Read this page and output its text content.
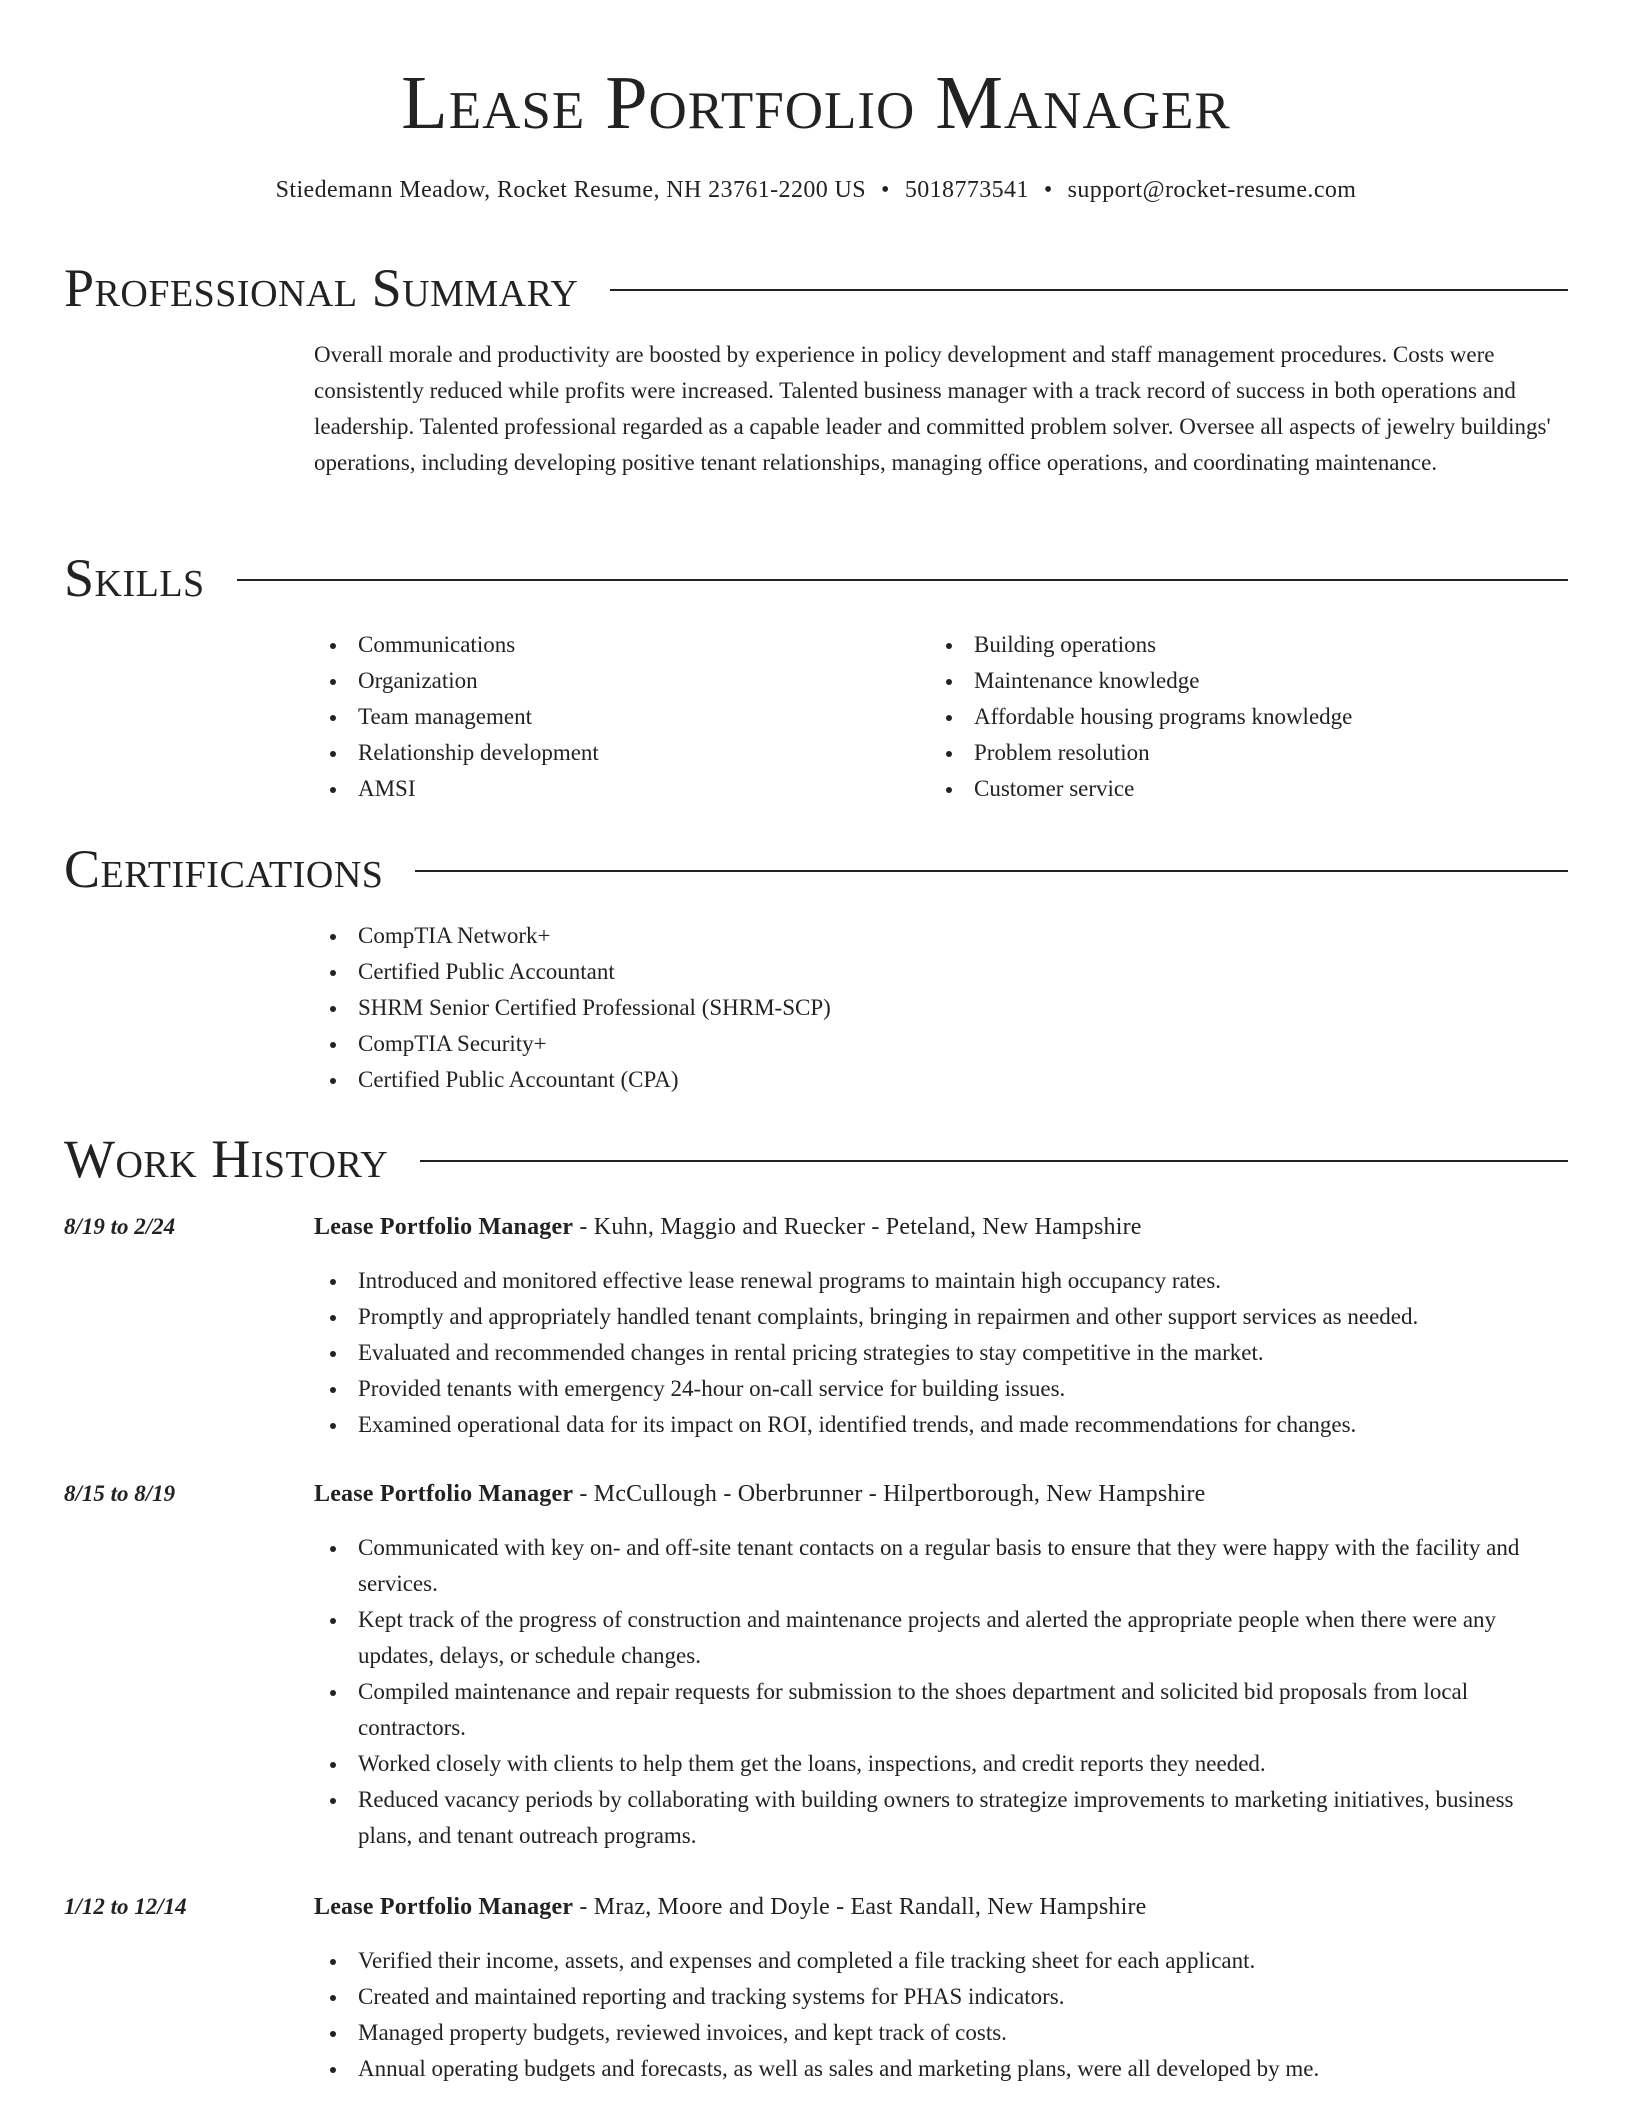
Lease Portfolio Manager
Stiedemann Meadow, Rocket Resume, NH 23761-2200 US • 5018773541 • support@rocket-resume.com
Professional Summary

Overall morale and productivity are boosted by experience in policy development and staff management procedures. Costs were consistently reduced while profits were increased. Talented business manager with a track record of success in both operations and leadership. Talented professional regarded as a capable leader and committed problem solver. Oversee all aspects of jewelry buildings' operations, including developing positive tenant relationships, managing office operations, and coordinating maintenance.

Skills
Communications
Organization
Team management
Relationship development
AMSI
Building operations
Maintenance knowledge
Affordable housing programs knowledge
Problem resolution
Customer service
Certifications
CompTIA Network+
Certified Public Accountant
SHRM Senior Certified Professional (SHRM-SCP)
CompTIA Security+
Certified Public Accountant (CPA)
Work History
8/19 to 2/24	Lease Portfolio Manager - Kuhn, Maggio and Ruecker - Peteland, New Hampshire
Introduced and monitored effective lease renewal programs to maintain high occupancy rates.
Promptly and appropriately handled tenant complaints, bringing in repairmen and other support services as needed.
Evaluated and recommended changes in rental pricing strategies to stay competitive in the market.
Provided tenants with emergency 24-hour on-call service for building issues.
Examined operational data for its impact on ROI, identified trends, and made recommendations for changes.
8/15 to 8/19	Lease Portfolio Manager - McCullough - Oberbrunner - Hilpertborough, New Hampshire
Communicated with key on- and off-site tenant contacts on a regular basis to ensure that they were happy with the facility and services.
Kept track of the progress of construction and maintenance projects and alerted the appropriate people when there were any updates, delays, or schedule changes.
Compiled maintenance and repair requests for submission to the shoes department and solicited bid proposals from local contractors.
Worked closely with clients to help them get the loans, inspections, and credit reports they needed.
Reduced vacancy periods by collaborating with building owners to strategize improvements to marketing initiatives, business plans, and tenant outreach programs.
1/12 to 12/14	Lease Portfolio Manager - Mraz, Moore and Doyle - East Randall, New Hampshire
Verified their income, assets, and expenses and completed a file tracking sheet for each applicant.
Created and maintained reporting and tracking systems for PHAS indicators.
Managed property budgets, reviewed invoices, and kept track of costs.
Annual operating budgets and forecasts, as well as sales and marketing plans, were all developed by me.
